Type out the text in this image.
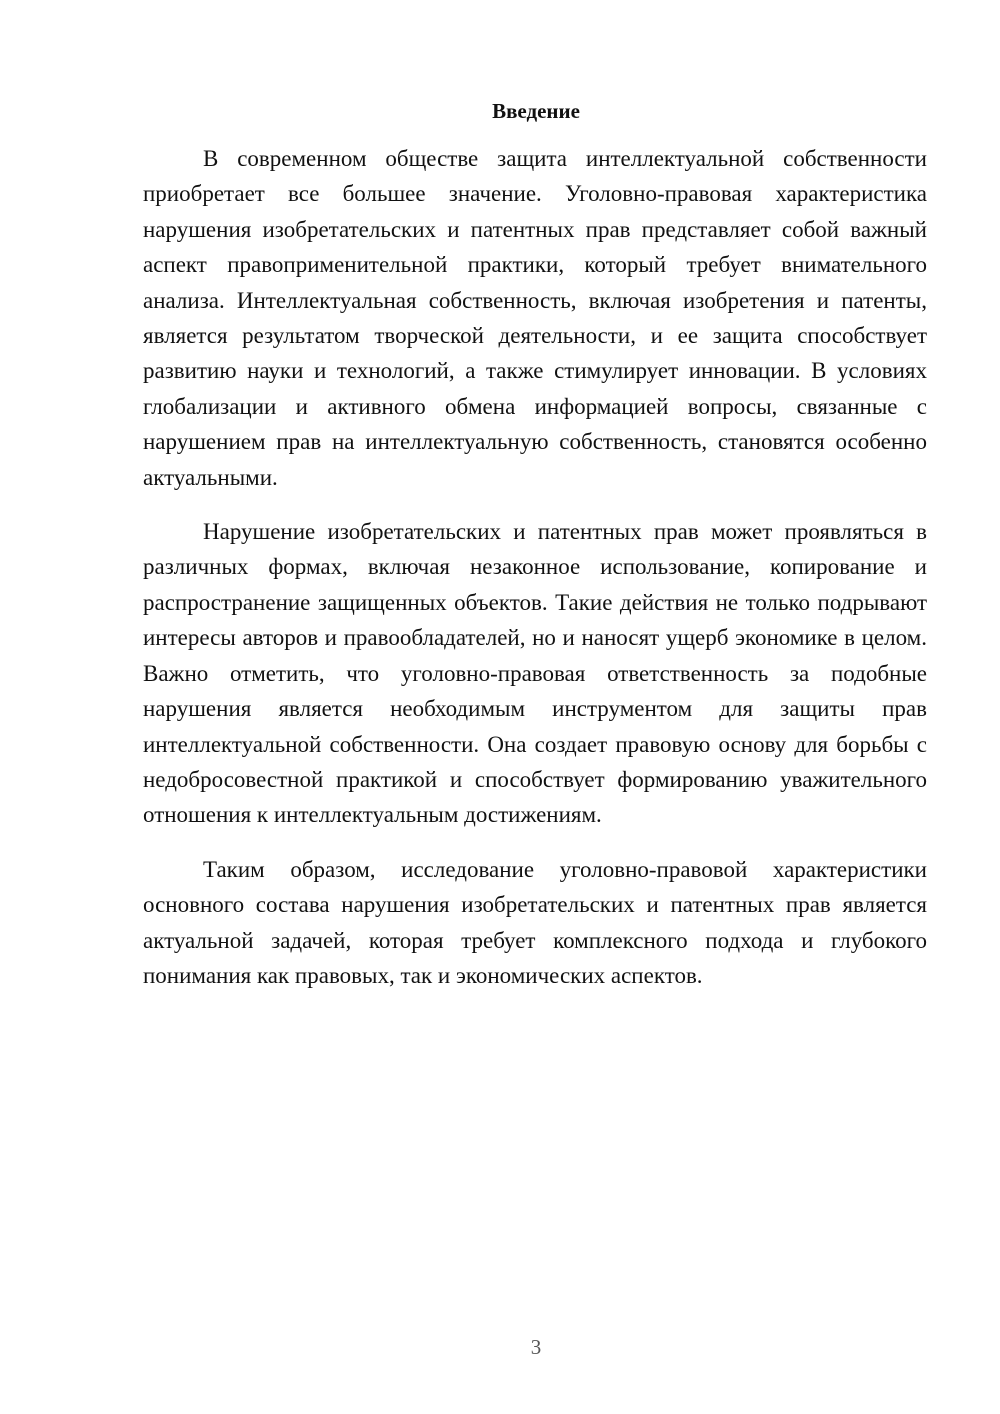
Введение

В современном обществе защита интеллектуальной собственности приобретает все большее значение. Уголовно-правовая характеристика нарушения изобретательских и патентных прав представляет собой важный аспект правоприменительной практики, который требует внимательного анализа. Интеллектуальная собственность, включая изобретения и патенты, является результатом творческой деятельности, и ее защита способствует развитию науки и технологий, а также стимулирует инновации. В условиях глобализации и активного обмена информацией вопросы, связанные с нарушением прав на интеллектуальную собственность, становятся особенно актуальными.

Нарушение изобретательских и патентных прав может проявляться в различных формах, включая незаконное использование, копирование и распространение защищенных объектов. Такие действия не только подрывают интересы авторов и правообладателей, но и наносят ущерб экономике в целом. Важно отметить, что уголовно-правовая ответственность за подобные нарушения является необходимым инструментом для защиты прав интеллектуальной собственности. Она создает правовую основу для борьбы с недобросовестной практикой и способствует формированию уважительного отношения к интеллектуальным достижениям.

Таким образом, исследование уголовно-правовой характеристики основного состава нарушения изобретательских и патентных прав является актуальной задачей, которая требует комплексного подхода и глубокого понимания как правовых, так и экономических аспектов.

3
